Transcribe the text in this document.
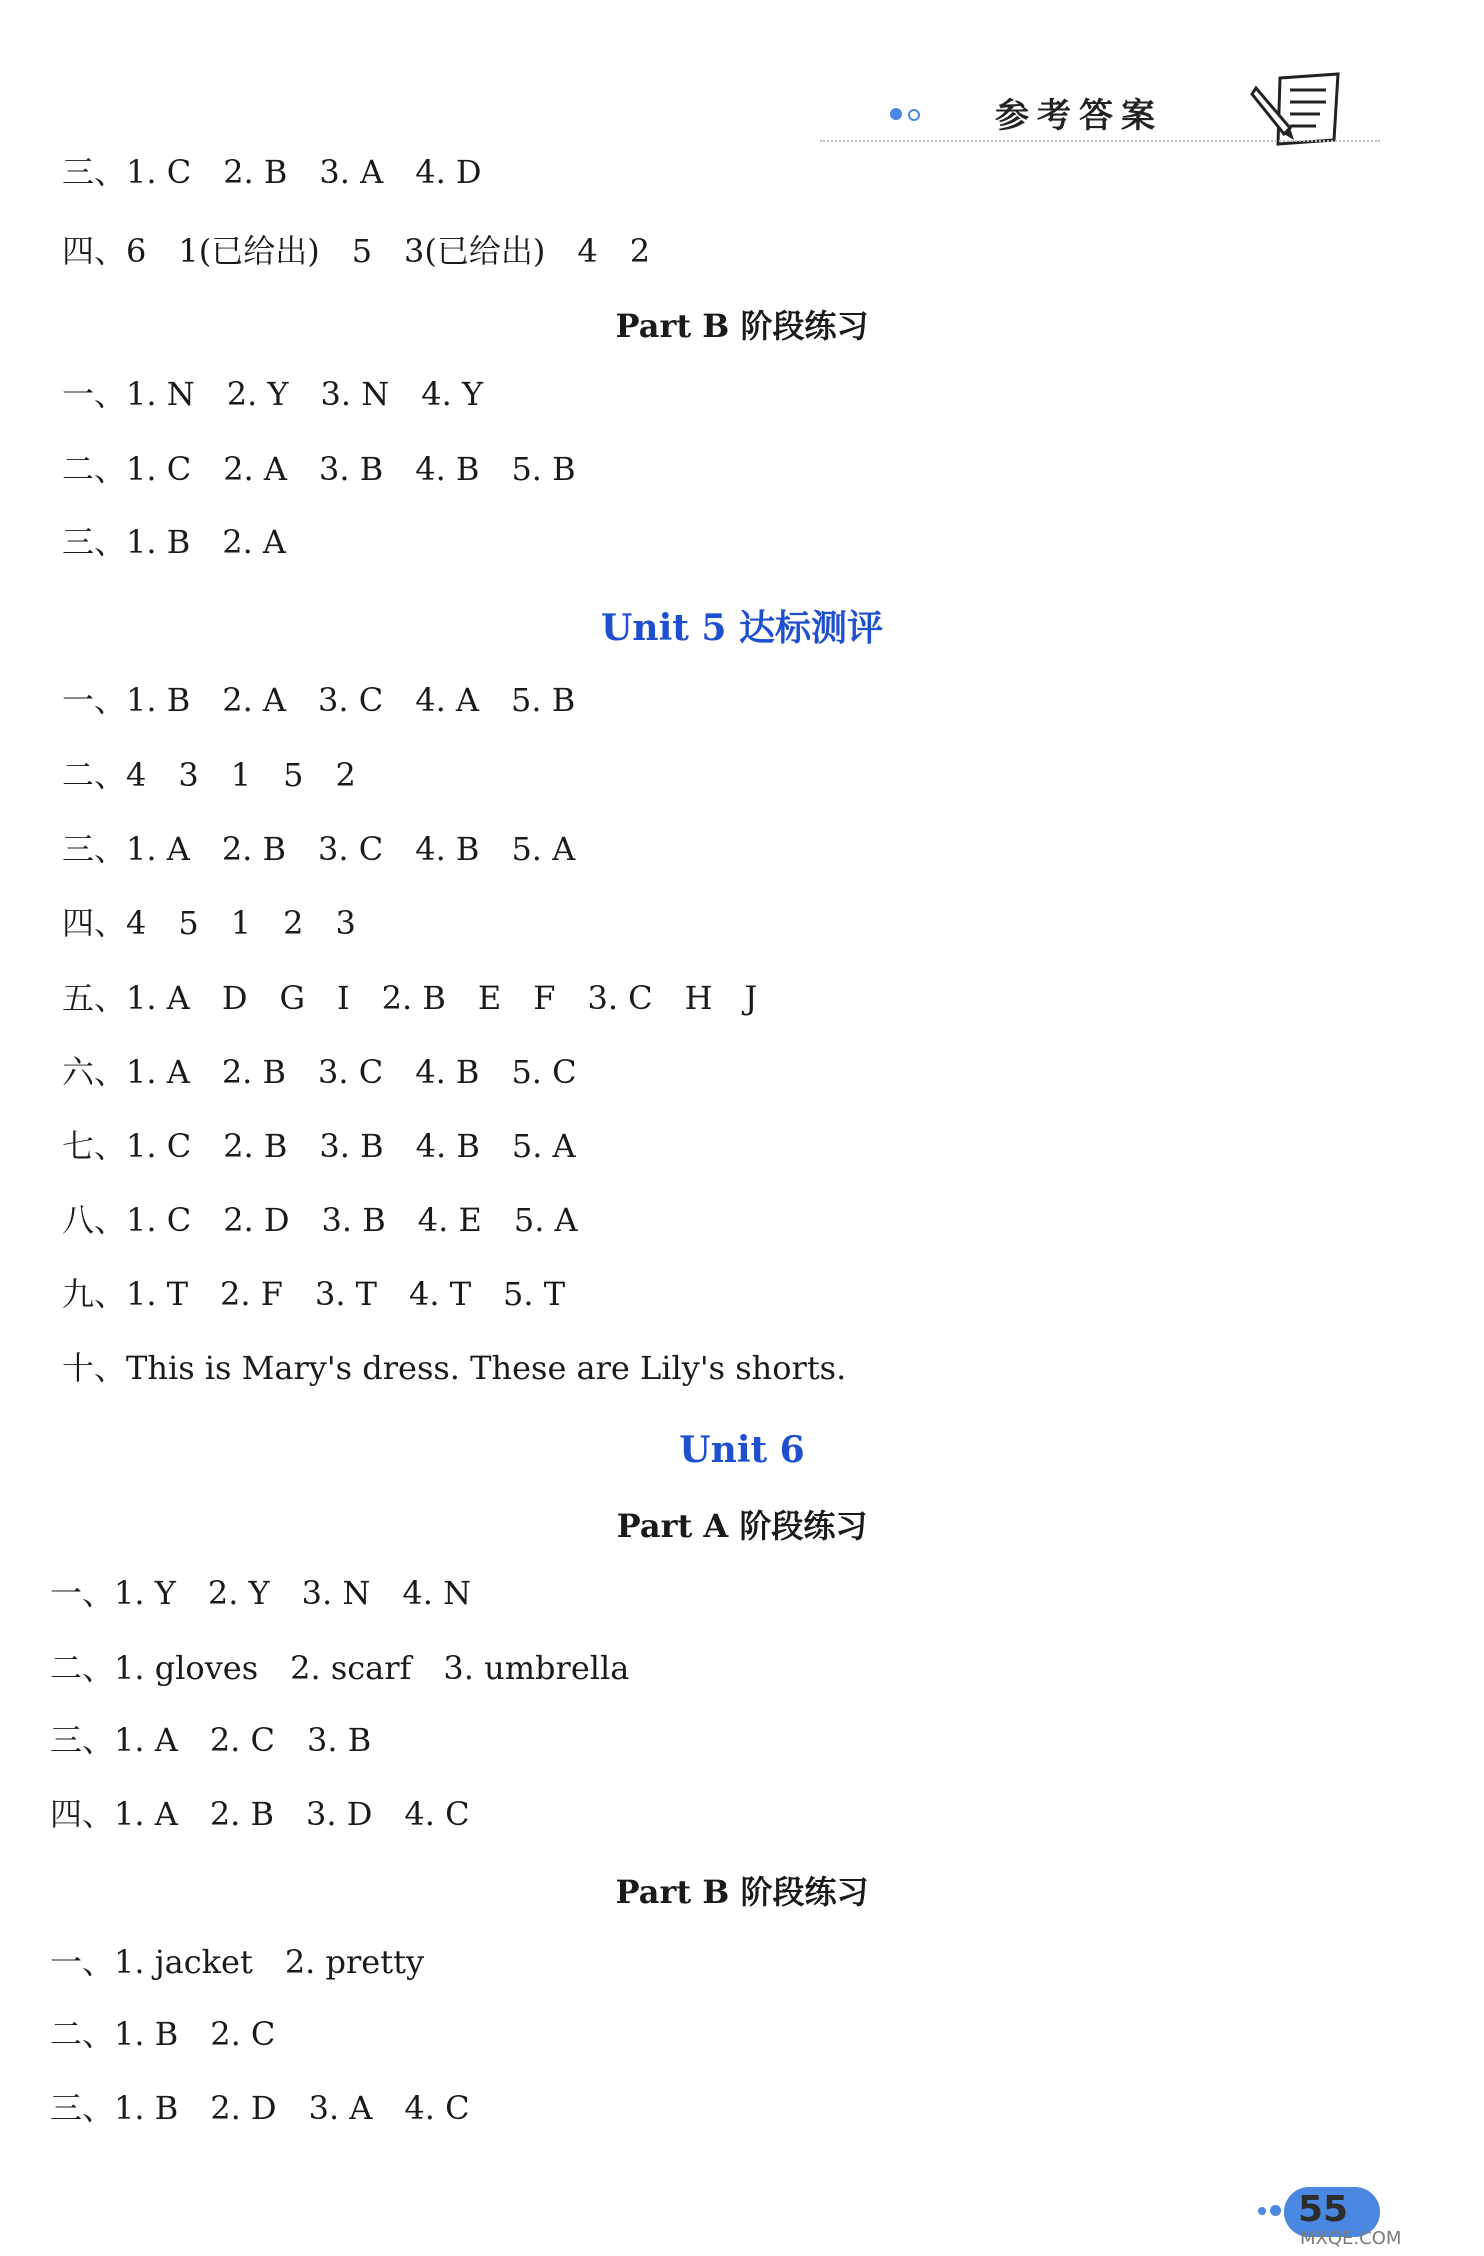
参考答案
三、1. C　2. B　3. A　4. D
四、6　1(已给出)　5　3(已给出)　4　2
Part B 阶段练习
一、1. N　2. Y　3. N　4. Y
二、1. C　2. A　3. B　4. B　5. B
三、1. B　2. A
Unit 5 达标测评
一、1. B　2. A　3. C　4. A　5. B
二、4　3　1　5　2
三、1. A　2. B　3. C　4. B　5. A
四、4　5　1　2　3
五、1. A　D　G　I　2. B　E　F　3. C　H　J
六、1. A　2. B　3. C　4. B　5. C
七、1. C　2. B　3. B　4. B　5. A
八、1. C　2. D　3. B　4. E　5. A
九、1. T　2. F　3. T　4. T　5. T
十、This is Mary's dress. These are Lily's shorts.
Unit 6
Part A 阶段练习
一、1. Y　2. Y　3. N　4. N
二、1. gloves　2. scarf　3. umbrella
三、1. A　2. C　3. B
四、1. A　2. B　3. D　4. C
Part B 阶段练习
一、1. jacket　2. pretty
二、1. B　2. C
三、1. B　2. D　3. A　4. C
55
MXQE.COM
